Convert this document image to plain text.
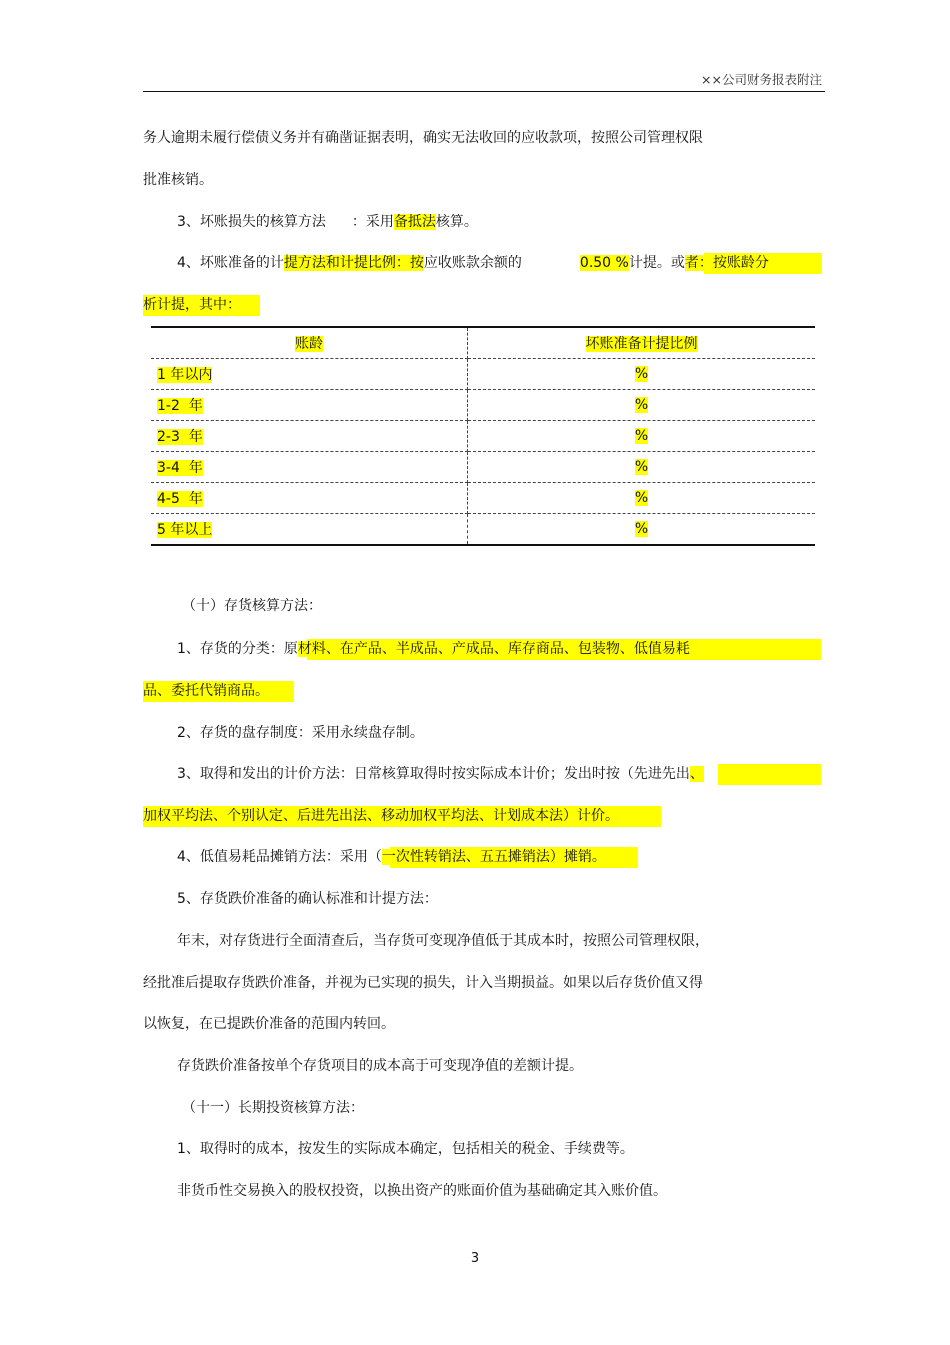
××公司财务报表附注
务人逾期未履行偿债义务并有确凿证据表明，确实无法收回的应收款项，按照公司管理权限
批准核销。
3、坏账损失的核算方法 ：采用备抵法核算。
4、坏账准备的计提方法和计提比例：按应收账款余额的	0.50 %计提。或者：按账龄分
析计提，其中：
账龄	坏账准备计提比例
1 年以内	%
1-2  年	%
2-3  年	%
3-4  年	%
4-5  年	%
5 年以上	%
（十）存货核算方法：
1、存货的分类：原材料、在产品、半成品、产成品、库存商品、包装物、低值易耗
品、委托代销商品。
2、存货的盘存制度：采用永续盘存制。
3、取得和发出的计价方法：日常核算取得时按实际成本计价；发出时按（先进先出、
加权平均法、个别认定、后进先出法、移动加权平均法、计划成本法）计价。
4、低值易耗品摊销方法：采用（一次性转销法、五五摊销法）摊销。
5、存货跌价准备的确认标准和计提方法：
年末，对存货进行全面清查后，当存货可变现净值低于其成本时，按照公司管理权限，
经批准后提取存货跌价准备，并视为已实现的损失，计入当期损益。如果以后存货价值又得
以恢复，在已提跌价准备的范围内转回。
存货跌价准备按单个存货项目的成本高于可变现净值的差额计提。
（十一）长期投资核算方法：
1、取得时的成本，按发生的实际成本确定，包括相关的税金、手续费等。
非货币性交易换入的股权投资，以换出资产的账面价值为基础确定其入账价值。
3
